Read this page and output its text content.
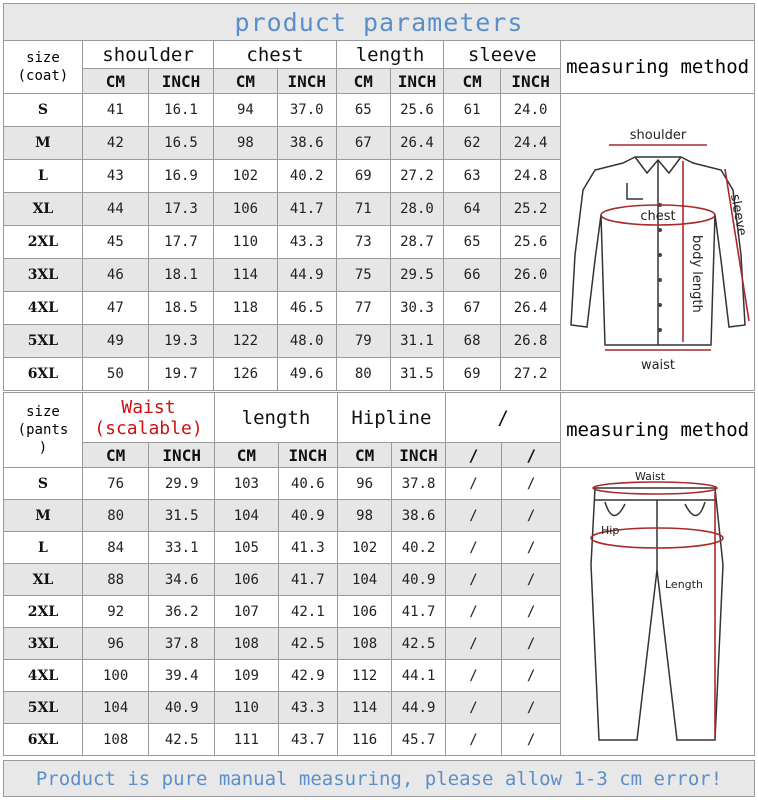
product parameters
size
(coat)	shoulder		chest		length		sleeve		measuring method
	CM	INCH	CM	INCH	CM	INCH	CM	INCH	
S	41	16.1	94	37.0	65	25.6	61	24.0	shoulder
chest
waist
body length
sleeve

M	42	16.5	98	38.6	67	26.4	62	24.4	
L	43	16.9	102	40.2	69	27.2	63	24.8	
XL	44	17.3	106	41.7	71	28.0	64	25.2	
2XL	45	17.7	110	43.3	73	28.7	65	25.6	
3XL	46	18.1	114	44.9	75	29.5	66	26.0	
4XL	47	18.5	118	46.5	77	30.3	67	26.4	
5XL	49	19.3	122	48.0	79	31.1	68	26.8	
6XL	50	19.7	126	49.6	80	31.5	69	27.2	
size
(pants
)	Waist
(scalable)		length		Hipline		/		measuring method
	CM	INCH	CM	INCH	CM	INCH	/	/	
S	76	29.9	103	40.6	96	37.8	/	/	Waist
Hip
Length

M	80	31.5	104	40.9	98	38.6	/	/	
L	84	33.1	105	41.3	102	40.2	/	/	
XL	88	34.6	106	41.7	104	40.9	/	/	
2XL	92	36.2	107	42.1	106	41.7	/	/	
3XL	96	37.8	108	42.5	108	42.5	/	/	
4XL	100	39.4	109	42.9	112	44.1	/	/	
5XL	104	40.9	110	43.3	114	44.9	/	/	
6XL	108	42.5	111	43.7	116	45.7	/	/	
Product is pure manual measuring, please allow 1-3 cm error!
